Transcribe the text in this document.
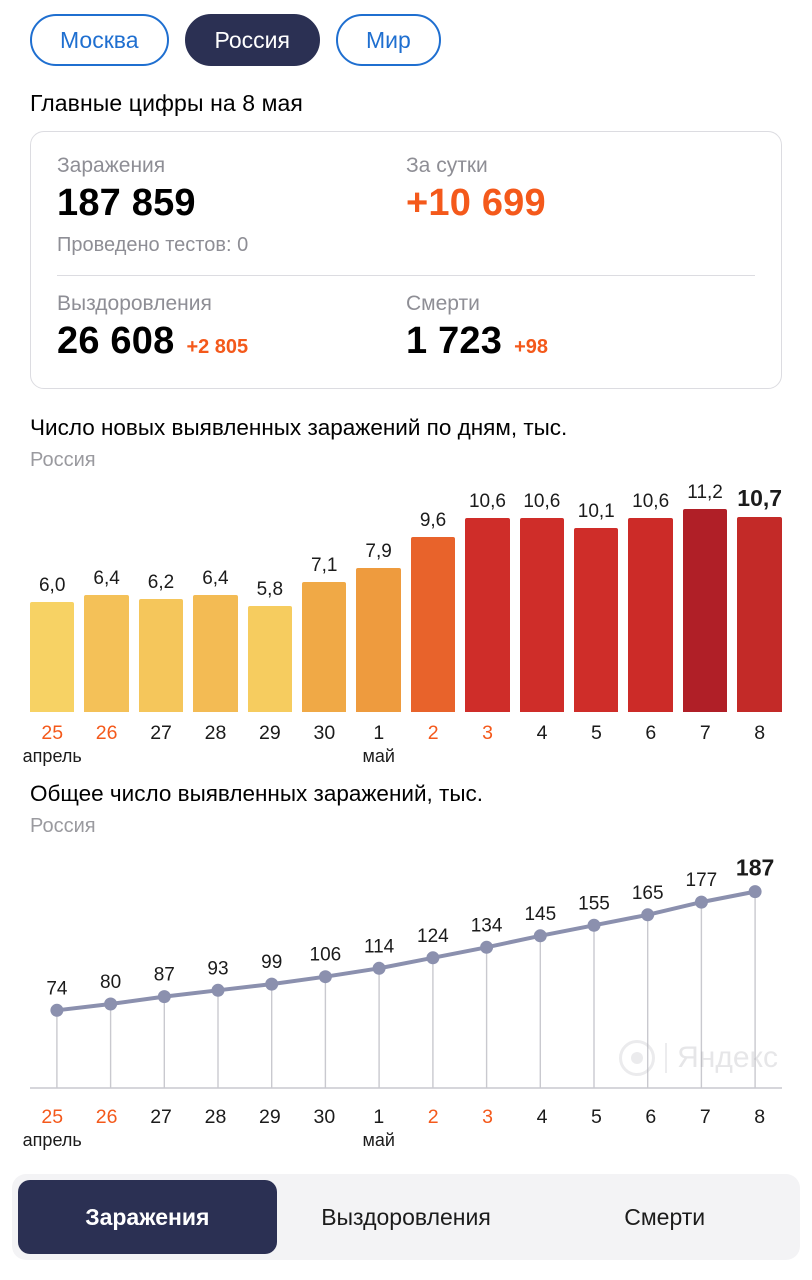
Москва	Россия	Мир
Главные цифры на 8 мая
Заражения
187 859
За сутки
+10 699
Проведено тестов: 0
Выздоровления
26 608 +2 805
Смерти
1 723 +98
Число новых выявленных заражений по дням, тыс.
Россия
6,0 6,4 6,2 6,4
5,8
7,1
7,9
9,6
10,6 10,6 10,1 10,6 11,2 10,7
25
апрель
26	27	28	29	30	1
май
2	3	4	5	6	7	8
Общее число выявленных заражений, тыс.
Россия
74 80 87 93 99 106 114 124 134
145 155 165
177 187
Яндекс
25
апрель
26	27	28	29	30	1
май
2	3	4	5	6	7	8
Заражения	Выздоровления	Смерти
